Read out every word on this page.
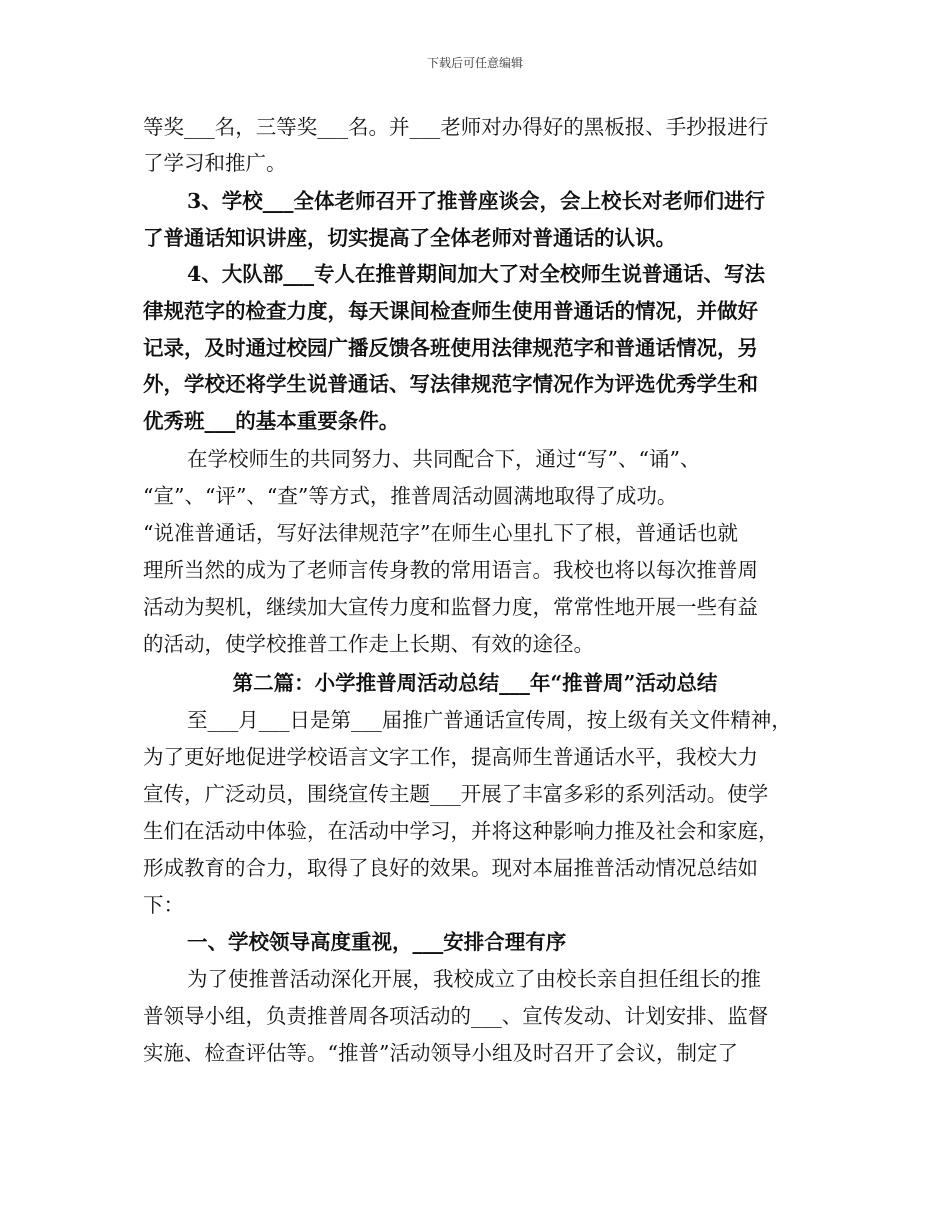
下载后可任意编辑
等奖___名，三等奖___名。并___老师对办得好的黑板报、手抄报进行
了学习和推广。
3、学校___全体老师召开了推普座谈会，会上校长对老师们进行
了普通话知识讲座，切实提高了全体老师对普通话的认识。
4、大队部___专人在推普期间加大了对全校师生说普通话、写法
律规范字的检查力度，每天课间检查师生使用普通话的情况，并做好
记录，及时通过校园广播反馈各班使用法律规范字和普通话情况，另
外，学校还将学生说普通话、写法律规范字情况作为评选优秀学生和
优秀班___的基本重要条件。
在学校师生的共同努力、共同配合下，通过“写”、“诵”、
“宣”、“评”、“查”等方式，推普周活动圆满地取得了成功。
“说准普通话，写好法律规范字”在师生心里扎下了根，普通话也就
理所当然的成为了老师言传身教的常用语言。我校也将以每次推普周
活动为契机，继续加大宣传力度和监督力度，常常性地开展一些有益
的活动，使学校推普工作走上长期、有效的途径。
第二篇：小学推普周活动总结___年“推普周”活动总结
至___月___日是第___届推广普通话宣传周，按上级有关文件精神，
为了更好地促进学校语言文字工作，提高师生普通话水平，我校大力
宣传，广泛动员，围绕宣传主题___开展了丰富多彩的系列活动。使学
生们在活动中体验，在活动中学习，并将这种影响力推及社会和家庭，
形成教育的合力，取得了良好的效果。现对本届推普活动情况总结如
下：
一、学校领导高度重视，___安排合理有序
为了使推普活动深化开展，我校成立了由校长亲自担任组长的推
普领导小组，负责推普周各项活动的___、宣传发动、计划安排、监督
实施、检查评估等。“推普”活动领导小组及时召开了会议，制定了
